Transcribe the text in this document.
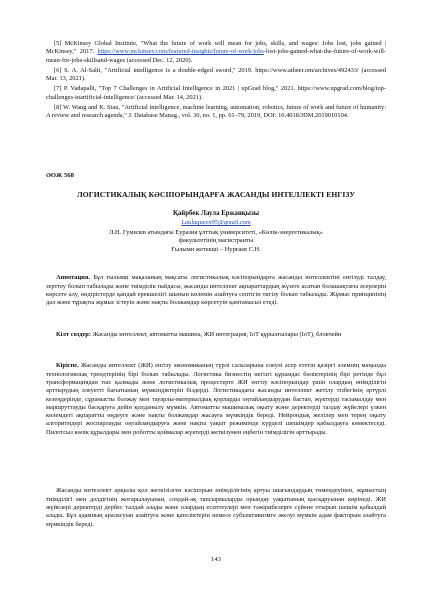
[5] McKinsey Global Institute, "What the future of work will mean for jobs, skills, and wages: Jobs lost, jobs gained | McKinsey," 2017. https://www.mckinsey.com/featured-insights/future-of-work/jobs-lost-jobs-gained-what-the-future-of-work-will-mean-for-jobs-skillsand-wages (accessed Dec. 12, 2020).

[6] S. A. Al-Salti, "Artificial intelligence is a double-edged sword," 2019. https://www.atheer.om/archives/492433/ (accessed Mar. 13, 2021).

[7] P. Vadapalli, "Top 7 Challenges in Artificial Intelligence in 2021 | upGrad blog," 2021. https://www.upgrad.com/blog/top-challenges-inartificial-intelligence/ (accessed Mar. 14, 2021).

[8] W. Wang and K. Siau, "Artificial intelligence, machine learning, automation, robotics, future of work and future of humanity: A review and research agenda," J. Database Manag., vol. 30, no. 1, pp. 61–79, 2019, DOI: 10.4018/JDM.2019010104.

ӘОЖ 568
ЛОГИСТИКАЛЫҚ КӘСІПОРЫНДАРҒА ЖАСАНДЫ ИНТЕЛЛЕКТІ ЕНГІЗУ
Қайрбек Лаула Ержанқызы
Laulaqueen95@gmail.com
Л.Н. Гумилев атындағы Еуразия ұлттық университеті, «Көлік-энергетикалық»
факультетінің магистранты
Ғылыми жетекші – Нурғаев С.Н.

Аннотация. Бұл ғылыми мақаланың мақсаты логистикалық кәсіпорындарға жасанды интеллектіні енгізуді талдау, зерттеу болып табылады және тиімділік пайдасы, жасанды интеллект ақпараттардың жүзеге асатын болашақтағы әсерлерін көрсете алу, өндірістерде қандай ерекшелігі шынын көлемін азайтуға септігін тигізу болып табылады. Жұмыс принципінің дал және тұрақты жұмыс істеуін және нақты болжамдар көрсетуін қамтамасыз етеді.

Кілт сөздер: Жасанды интеллект, автоматты машина, ЖИ интеграция, IoT құрылғылары (IoT), блокчейн

Кіріспе. Жасанды интеллект (ЖИ) енгізу экономиканың түрлі салаларына елеулі әсер ететін қазіргі әлемнің маңызды технологиялық трендтерінің бірі болып табылады. Логистика бизнестің негізгі құрамдас бөліктерінің бірі ретінде бұл трансформациядан тыс қалмады және логистикалық процестерге ЖИ енгізу кәсіпорындар үшін олардың өнімділігін арттырудың әлеуетті бағытының мүмкіндіктерін біздерді. Логистикадағы жасанды интеллект жетілу тізбегінің әртүрлі кезеңдерінде, сұранысты болжау мен тауарлы-материалдық қорларды оңтайландырудан бастап, жүктерді тасымалдау мен маршруттауды басқаруға дейін қолданылу мүмкін. Автоматты машиналық оқыту және деректерді талдау жүйелері үлкен көлемдегі ақпаратты өңдеуге және нақты болжамдар жасауға мүмкіндік береді. Нейрондық желілер мен терең оқыту алгоритмдері жоспарлауды оңтайландыруға және нақты уақыт режимінде күрделі шешімдер қабылдауға көмектеседі. Пилотсыз көлік құралдары мен роботты қоймалар жүктерді жеткізумен еңбегін тиімділігін арттырады.

Жасанды интеллект арқылы қол жеткізілген кәсіпорын өнімділігінің артуы шығындардың төмендеуінен, жұмыстың тиімділігі мен дәлдігінің жоғарылауынан, сондай-ақ тапсырмаларды орындау уақытының қысқаруынан көрінеді. ЖИ жүйелері деректерді дербес талдай алады және олардың есептеулері мен тәжірибелерге сүйене отырып шешім қабылдай алады. Бұл адамның араласуын азайтуға және қателіктерін немесе субъективизмге әкелуі мүмкін адам факторын азайтуға мүмкіндік береді.

143
